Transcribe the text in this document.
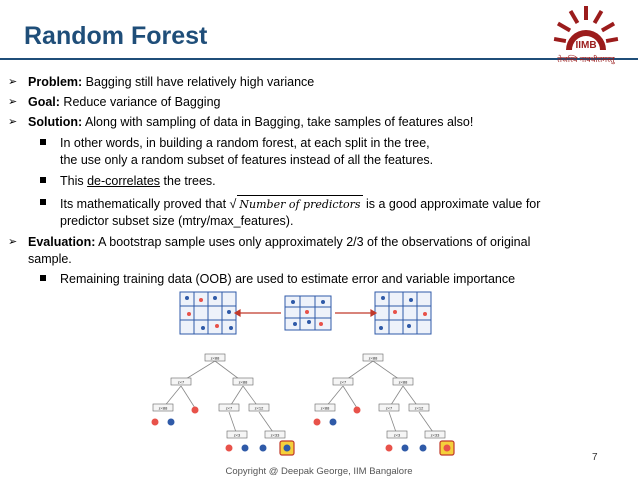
Random Forest	IIMB
तेजस्वि नावधीतमस्तु
➢ Problem: Bagging still have relatively high variance
➢ Goal: Reduce variance of Bagging
➢ Solution: Along with sampling of data in Bagging, take samples of features also!
In other words, in building a random forest, at each split in the tree,
the use only a random subset of features instead of all the features.
This de-correlates the trees.
Its mathematically proved that √ Number of predictors is a good approximate value for
predictor subset size (mtry/max_features).
➢ Evaluation: A bootstrap sample uses only approximately 2/3 of the observations of original
sample.
Remaining training data (OOB) are used to estimate error and variable importance
z<88
z<7	z<88
z<88	z<7	z<12
z<3	z<33
z<88
z<7	z<88
z<88	z<7	z<12
z<3	z<33
7
Copyright @ Deepak George, IIM Bangalore
